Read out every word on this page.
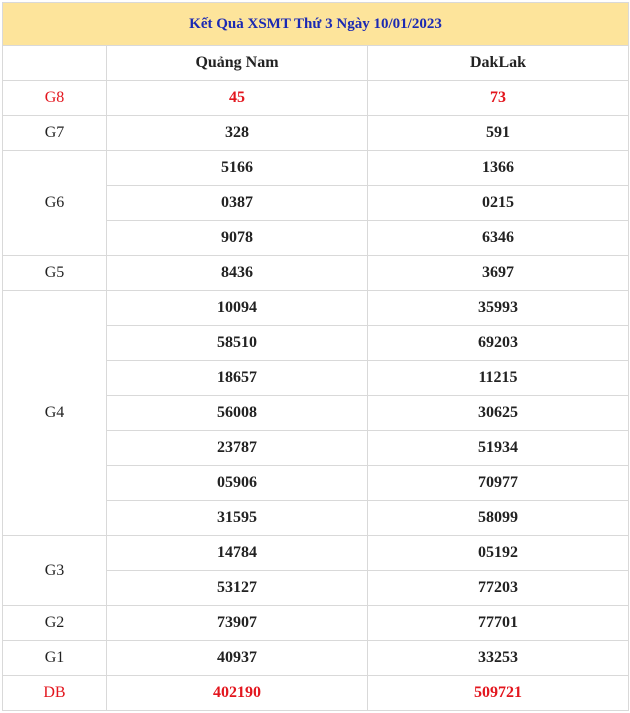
Kết Quả XSMT Thứ 3 Ngày 10/01/2023		
	Quảng Nam	DakLak
G8	45	73
G7	328	591
G6	5166	1366
	0387	0215
	9078	6346
G5	8436	3697
G4	10094	35993
	58510	69203
	18657	11215
	56008	30625
	23787	51934
	05906	70977
	31595	58099
G3	14784	05192
	53127	77203
G2	73907	77701
G1	40937	33253
DB	402190	509721
